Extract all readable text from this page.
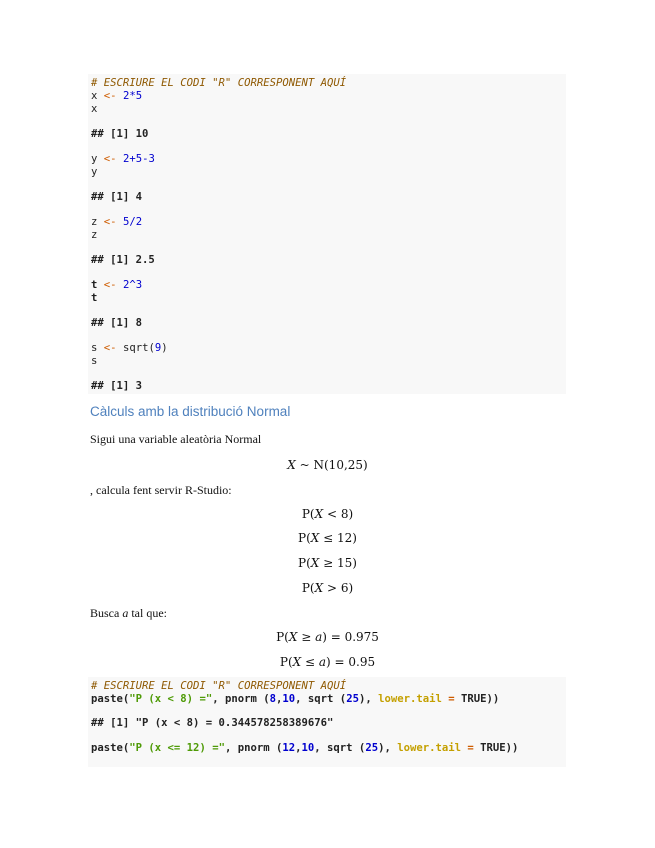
# ESCRIURE EL CODI "R" CORRESPONENT AQUÍ
x <- 2*5
x
## [1] 10
y <- 2+5-3
y
## [1] 4
z <- 5/2
z
## [1] 2.5
t <- 2^3
t
## [1] 8
s <- sqrt(9)
s
## [1] 3
Càlculs amb la distribució Normal
Sigui una variable aleatòria Normal
X ~ N(10,25)
, calcula fent servir R-Studio:
P(X < 8)
P(X ≤ 12)
P(X ≥ 15)
P(X > 6)
Busca a tal que:
P(X ≥ a) = 0.975
P(X ≤ a) = 0.95
# ESCRIURE EL CODI "R" CORRESPONENT AQUÍ
paste("P (x < 8) =", pnorm (8,10, sqrt (25), lower.tail = TRUE))
## [1] "P (x < 8) = 0.344578258389676"
paste("P (x <= 12) =", pnorm (12,10, sqrt (25), lower.tail = TRUE))
